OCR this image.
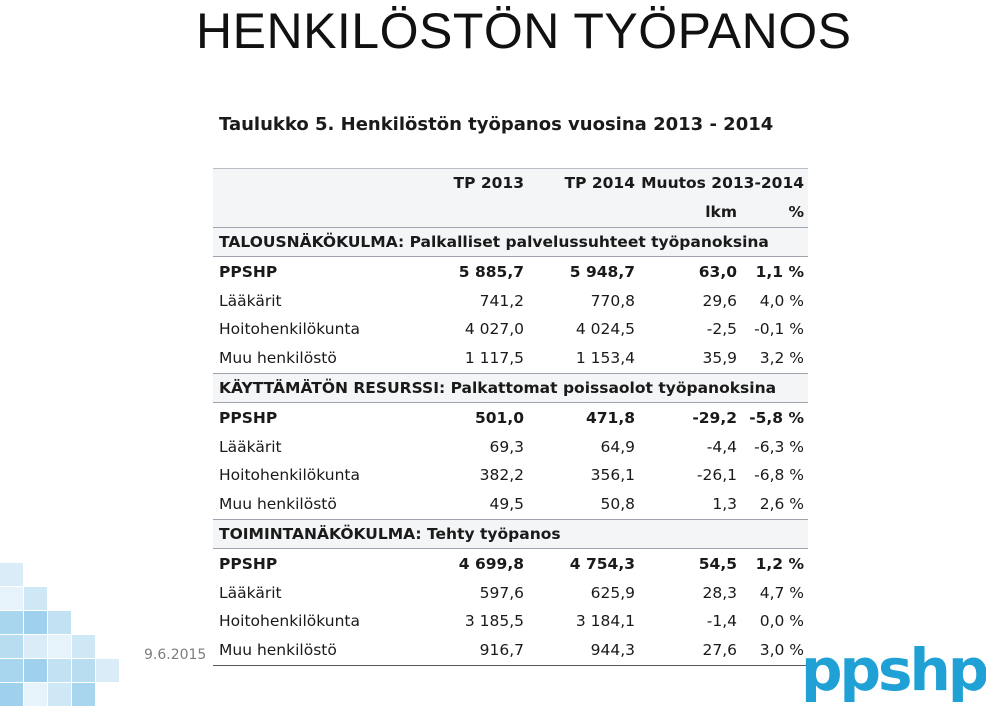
HENKILÖSTÖN TYÖPANOS
Taulukko 5. Henkilöstön työpanos vuosina 2013 - 2014
	TP 2013	TP 2014	Muutos 2013-2014	
			lkm	%
TALOUSNÄKÖKULMA: Palkalliset palvelussuhteet työpanoksina				
PPSHP	5 885,7	5 948,7	63,0	1,1 %
Lääkärit	741,2	770,8	29,6	4,0 %
Hoitohenkilökunta	4 027,0	4 024,5	-2,5	-0,1 %
Muu henkilöstö	1 117,5	1 153,4	35,9	3,2 %
KÄYTTÄMÄTÖN RESURSSI: Palkattomat poissaolot työpanoksina				
PPSHP	501,0	471,8	-29,2	-5,8 %
Lääkärit	69,3	64,9	-4,4	-6,3 %
Hoitohenkilökunta	382,2	356,1	-26,1	-6,8 %
Muu henkilöstö	49,5	50,8	1,3	2,6 %
TOIMINTANÄKÖKULMA: Tehty työpanos				
PPSHP	4 699,8	4 754,3	54,5	1,2 %
Lääkärit	597,6	625,9	28,3	4,7 %
Hoitohenkilökunta	3 185,5	3 184,1	-1,4	0,0 %
Muu henkilöstö	916,7	944,3	27,6	3,0 %
9.6.2015	ppshp
